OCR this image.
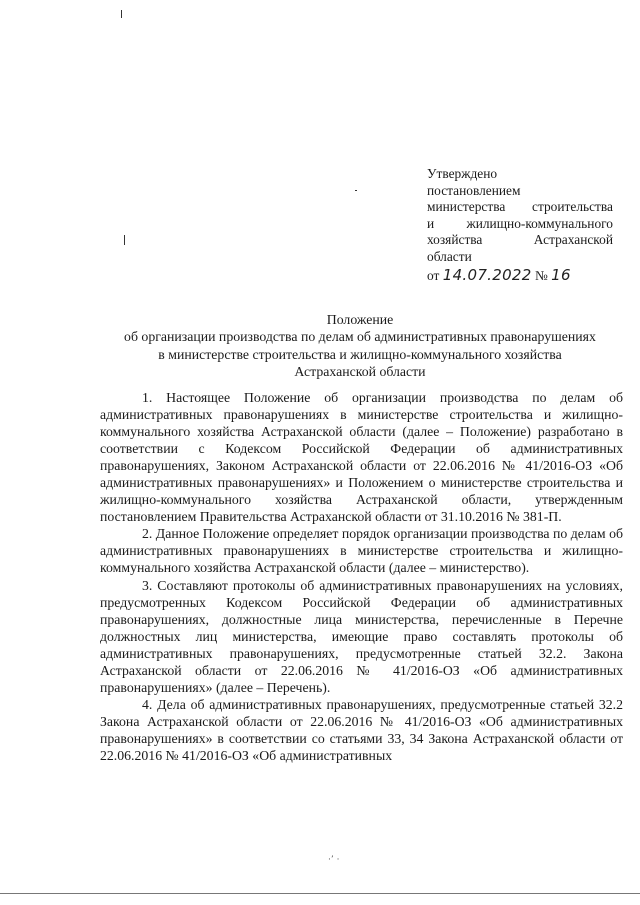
Утверждено
постановлением
министерства строительства
и жилищно-коммунального
хозяйства Астраханской
области
от
14.07.2022
№
16
Положение
об организации производства по делам об административных правонарушениях
в министерстве строительства и жилищно-коммунального хозяйства
Астраханской области

1. Настоящее Положение об организации производства по делам об административных правонарушениях в министерстве строительства и жилищно-коммунального хозяйства Астраханской области (далее – Положение) разработано в соответствии с Кодексом Российской Федерации об административных правонарушениях, Законом Астраханской области от 22.06.2016 № 41/2016-ОЗ «Об административных правонарушениях» и Положением о министерстве строительства и жилищно-коммунального хозяйства Астраханской области, утвержденным постановлением Правительства Астраханской области от 31.10.2016 № 381-П.

2. Данное Положение определяет порядок организации производства по делам об административных правонарушениях в министерстве строительства и жилищно-коммунального хозяйства Астраханской области (далее – министерство).

3. Составляют протоколы об административных правонарушениях на условиях, предусмотренных Кодексом Российской Федерации об административных правонарушениях, должностные лица министерства, перечисленные в Перечне должностных лиц министерства, имеющие право составлять протоколы об административных правонарушениях, предусмотренные статьей 32.2. Закона Астраханской области от 22.06.2016 № 41/2016-ОЗ «Об административных правонарушениях» (далее – Перечень).

4. Дела об административных правонарушениях, предусмотренные статьей 32.2 Закона Астраханской области от 22.06.2016 № 41/2016-ОЗ «Об административных правонарушениях» в соответствии со статьями 33, 34 Закона Астраханской области от 22.06.2016 № 41/2016-ОЗ «Об административных

·’ ·
